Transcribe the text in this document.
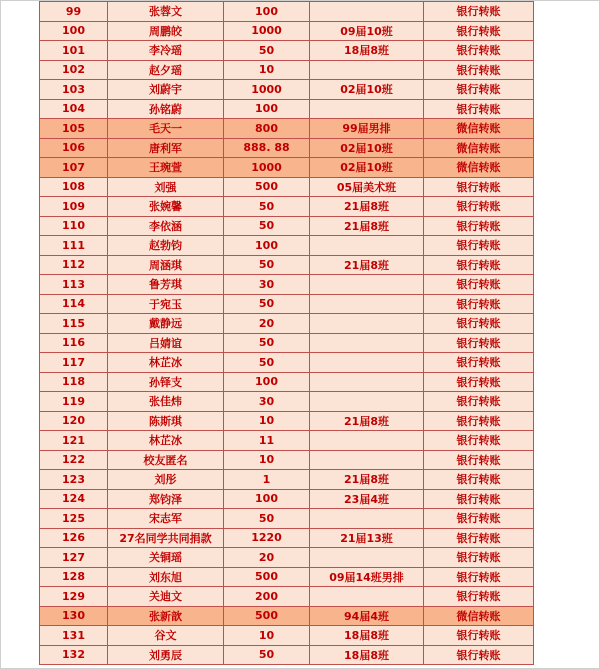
99	张蓉文	100		银行转账
100	周鹏皎	1000	09届10班	银行转账
101	李冷瑶	50	18届8班	银行转账
102	赵夕瑶	10		银行转账
103	刘蔚宇	1000	02届10班	银行转账
104	孙铭蔚	100		银行转账
105	毛天一	800	99届男排	微信转账
106	唐利军	888. 88	02届10班	微信转账
107	王琬萱	1000	02届10班	微信转账
108	刘强	500	05届美术班	银行转账
109	张婉馨	50	21届8班	银行转账
110	李依涵	50	21届8班	银行转账
111	赵勃钧	100		银行转账
112	周涵琪	50	21届8班	银行转账
113	鲁芳琪	30		银行转账
114	于宛玉	50		银行转账
115	戴静远	20		银行转账
116	吕婧谊	50		银行转账
117	林芷冰	50		银行转账
118	孙铎支	100		银行转账
119	张佳炜	30		银行转账
120	陈斯琪	10	21届8班	银行转账
121	林芷冰	11		银行转账
122	校友匿名	10		银行转账
123	刘彤	1	21届8班	银行转账
124	郑钧泽	100	23届4班	银行转账
125	宋志军	50		银行转账
126	27名同学共同捐款	1220	21届13班	银行转账
127	关铜瑶	20		银行转账
128	刘东旭	500	09届14班男排	银行转账
129	关迪文	200		银行转账
130	张新歆	500	94届4班	微信转账
131	谷文	10	18届8班	银行转账
132	刘勇辰	50	18届8班	银行转账
